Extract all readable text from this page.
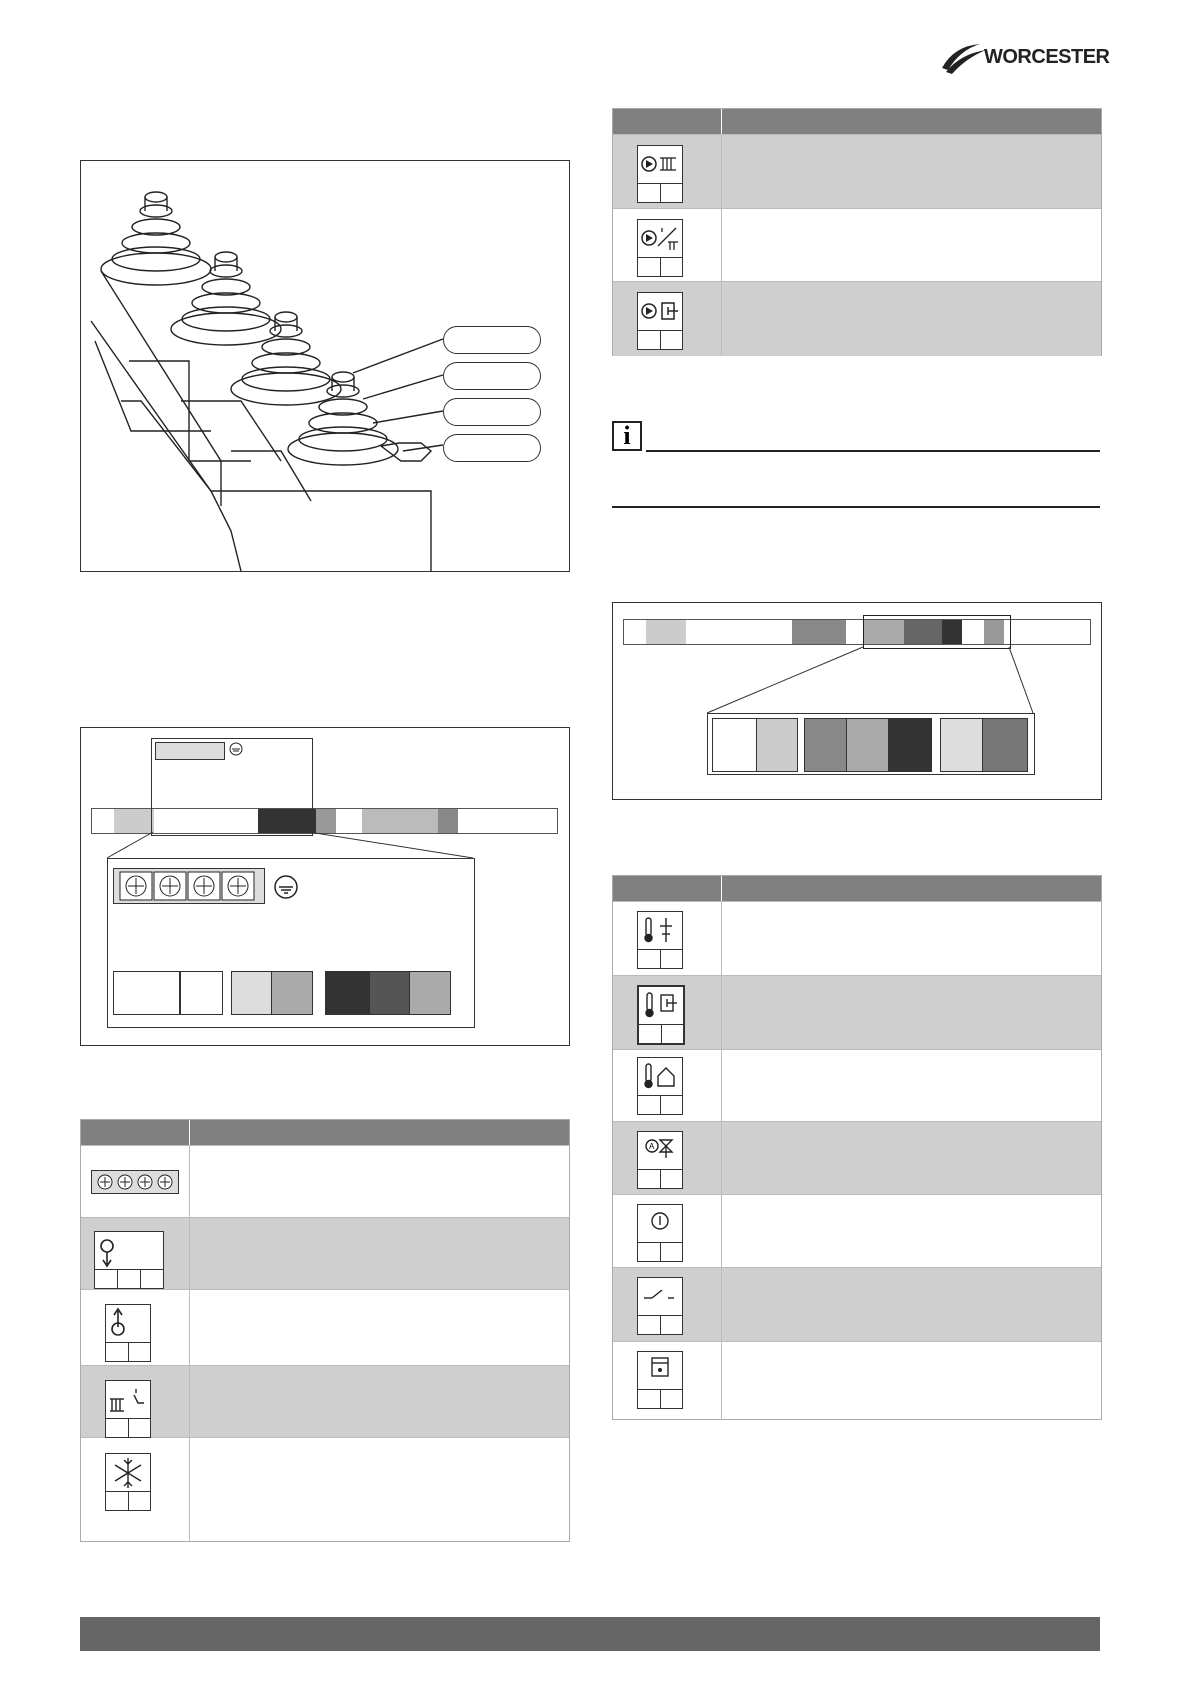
WORCESTER
i
A
